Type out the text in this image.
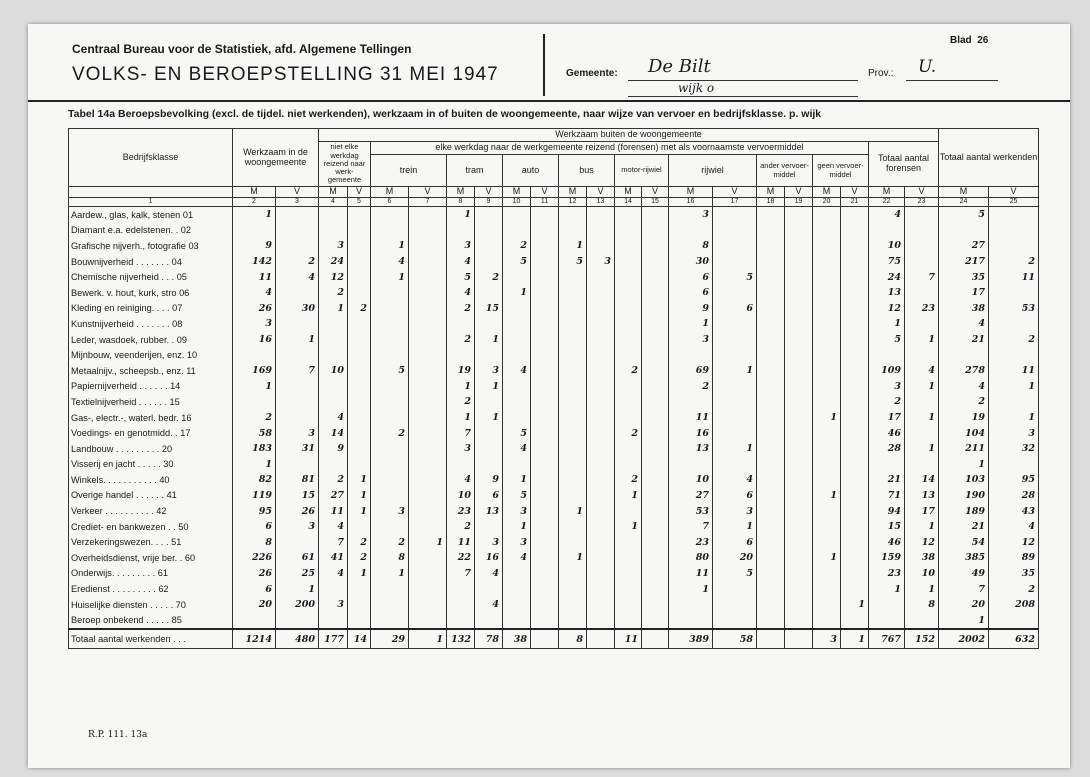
Centraal Bureau voor de Statistiek, afd. Algemene Tellingen
VOLKS- EN BEROEPSTELLING 31 MEI 1947
Blad 26
Gemeente: De Bilt
wijk o
Prov.: U.
Tabel 14a Beroepsbevolking (excl. de tijdel. niet werkenden), werkzaam in of buiten de woongemeente, naar wijze van vervoer en bedrijfsklasse. p. wijk
Bedrijfsklasse	Werkzaam in de woongemeente		Werkzaam buiten de woongemeente																				Totaal aantal werkenden	
			niet elke werkdag reizend naar werk-gemeente		elke werkdag naar de werkgemeente reizend (forensen) met als voornaamste vervoermiddel																Totaal aantal forensen			
					trein		tram		auto		bus		motor-rijwiel		rijwiel		ander vervoer-middel		geen vervoer-middel					
	M	V	M	V	M	V	M	V	M	V	M	V	M	V	M	V	M	V	M	V	M	V	M	V
1	2	3	4	5	6	7	8	9	10	11	12	13	14	15	16	17	18	19	20	21	22	23	24	25
Aardew., glas, kalk, stenen 01	1						1								3						4		5	
Diamant e.a. edelstenen. . 02																								
Grafische nijverh., fotografie 03	9		3		1		3		2		1				8						10		27	
Bouwnijverheid . . . . . . . 04	142	2	24		4		4		5		5	3			30						75		217	2
Chemische nijverheid . . . 05	11	4	12		1		5	2							6	5					24	7	35	11
Bewerk. v. hout, kurk, stro 06	4		2				4		1						6						13		17	
Kleding en reiniging. . . . 07	26	30	1	2			2	15							9	6					12	23	38	53
Kunstnijverheid . . . . . . . 08	3														1						1		4	
Leder, wasdoek, rubber. . 09	16	1					2	1							3						5	1	21	2
Mijnbouw, veenderijen, enz. 10																								
Metaalnijv., scheepsb., enz. 11	169	7	10		5		19	3	4				2		69	1					109	4	278	11
Papiernijverheid . . . . . . 14	1						1	1							2						3	1	4	1
Textielnijverheid . . . . . . 15							2														2		2	
Gas-, electr.-, waterl. bedr. 16	2		4				1	1							11				1		17	1	19	1
Voedings- en genotmidd. . 17	58	3	14		2		7		5				2		16						46		104	3
Landbouw . . . . . . . . . 20	183	31	9				3		4						13	1					28	1	211	32
Visserij en jacht . . . . . 30	1																						1	
Winkels. . . . . . . . . . . 40	82	81	2	1			4	9	1				2		10	4					21	14	103	95
Overige handel . . . . . . 41	119	15	27	1			10	6	5				1		27	6			1		71	13	190	28
Verkeer . . . . . . . . . . 42	95	26	11	1	3		23	13	3		1				53	3					94	17	189	43
Crediet- en bankwezen . . 50	6	3	4				2		1				1		7	1					15	1	21	4
Verzekeringswezen. . . . 51	8		7	2	2	1	11	3	3						23	6					46	12	54	12
Overheidsdienst, vrije ber. . 60	226	61	41	2	8		22	16	4		1				80	20			1		159	38	385	89
Onderwijs. . . . . . . . . 61	26	25	4	1	1		7	4							11	5					23	10	49	35
Eredienst . . . . . . . . . 62	6	1													1						1	1	7	2
Huiselijke diensten . . . . . 70	20	200	3					4												1		8	20	208
Beroep onbekend . . . . . 85																							1	
Totaal aantal werkenden . . .	1214	480	177	14	29	1	132	78	38		8		11		389	58			3	1	767	152	2002	632
R.P. 111. 13a
